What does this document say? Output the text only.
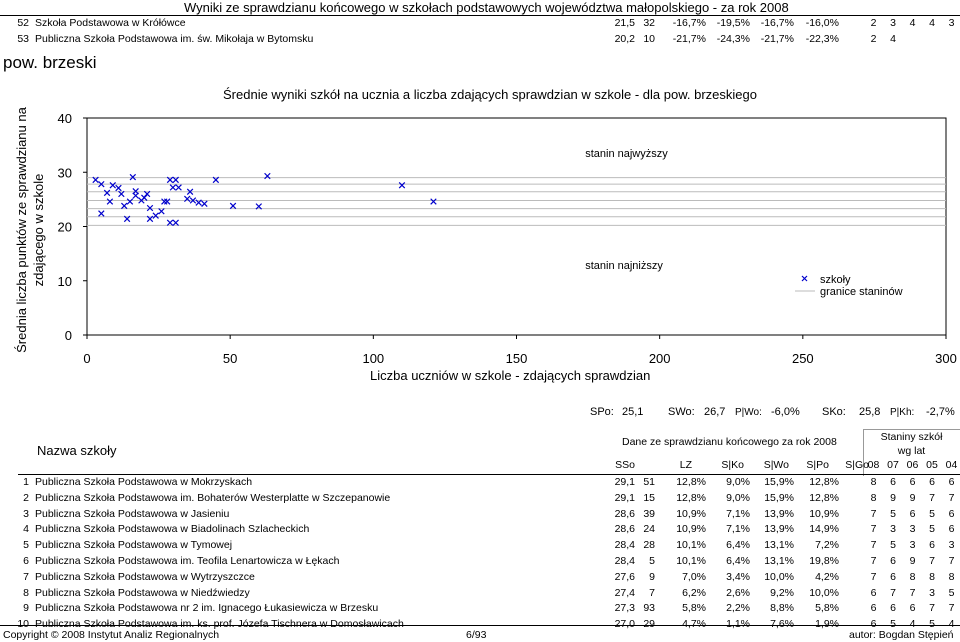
Wyniki ze sprawdzianu końcowego w szkołach podstawowych województwa małopolskiego - za rok 2008
52 Szkoła Podstawowa w Krółówce	21,5 32	-16,7%	-19,5%	-16,7%	-16,0%	2	3	4	4	3
53 Publiczna Szkoła Podstawowa im. św. Mikołaja w Bytomsku	20,2 10	-21,7%	-24,3%	-21,7%	-22,3%	2	4
pow. brzeski
Średnie wyniki szkół na ucznia a liczba zdających sprawdzian w szkole - dla pow. brzeskiego
Średnia liczba punktów ze sprawdzianu na zdającego w szkole
0
10
20
30
40
0	50	100	150	200	250	300
stanin najwyższy
stanin najniższy
szkoły
granice staninów
Liczba uczniów w szkole - zdających sprawdzian
SPo: 25,1 SWo: 26,7 P|Wo: -6,0% SKo: 25,8 P|Kh: -2,7%
Nazwa szkoły
Dane ze sprawdzianu końcowego za rok 2008	Staniny szkół
wg lat
SSo	LZ	S|Ko	S|Wo	S|Po	S|Go
08 07 06 05 04
1 Publiczna Szkoła Podstawowa w Mokrzyskach	29,1 51	12,8%	9,0%	15,9%	12,8%	8	6	6	6	6
2 Publiczna Szkoła Podstawowa im. Bohaterów Westerplatte w Szczepanowie	29,1 15	12,8%	9,0%	15,9%	12,8%	8	9	9	7	7
3 Publiczna Szkoła Podstawowa w Jasieniu	28,6 39	10,9%	7,1%	13,9%	10,9%	7	5	6	5	6
4 Publiczna Szkoła Podstawowa w Biadolinach Szlacheckich	28,6 24	10,9%	7,1%	13,9%	14,9%	7	3	3	5	6
5 Publiczna Szkoła Podstawowa w Tymowej	28,4 28	10,1%	6,4%	13,1%	7,2%	7	5	3	6	3
6 Publiczna Szkoła Podstawowa im. Teofila Lenartowicza w Łękach	28,4	5	10,1%	6,4%	13,1%	19,8%	7	6	9	7	7
7 Publiczna Szkoła Podstawowa w Wytrzyszczce	27,6	9	7,0%	3,4%	10,0%	4,2%	7	6	8	8	8
8 Publiczna Szkoła Podstawowa w Niedźwiedzy	27,4	7	6,2%	2,6%	9,2%	10,0%	6	7	7	3	5
9 Publiczna Szkoła Podstawowa nr 2 im. Ignacego Łukasiewicza w Brzesku	27,3 93	5,8%	2,2%	8,8%	5,8%	6	6	6	7	7
10 Publiczna Szkoła Podstawowa im. ks. prof. Józefa Tischnera w Domosławicach	27,0 29	4,7%	1,1%	7,6%	1,9%	6	5	4	5	4
Copyright © 2008 Instytut Analiz Regionalnych	6/93	autor: Bogdan Stępień
